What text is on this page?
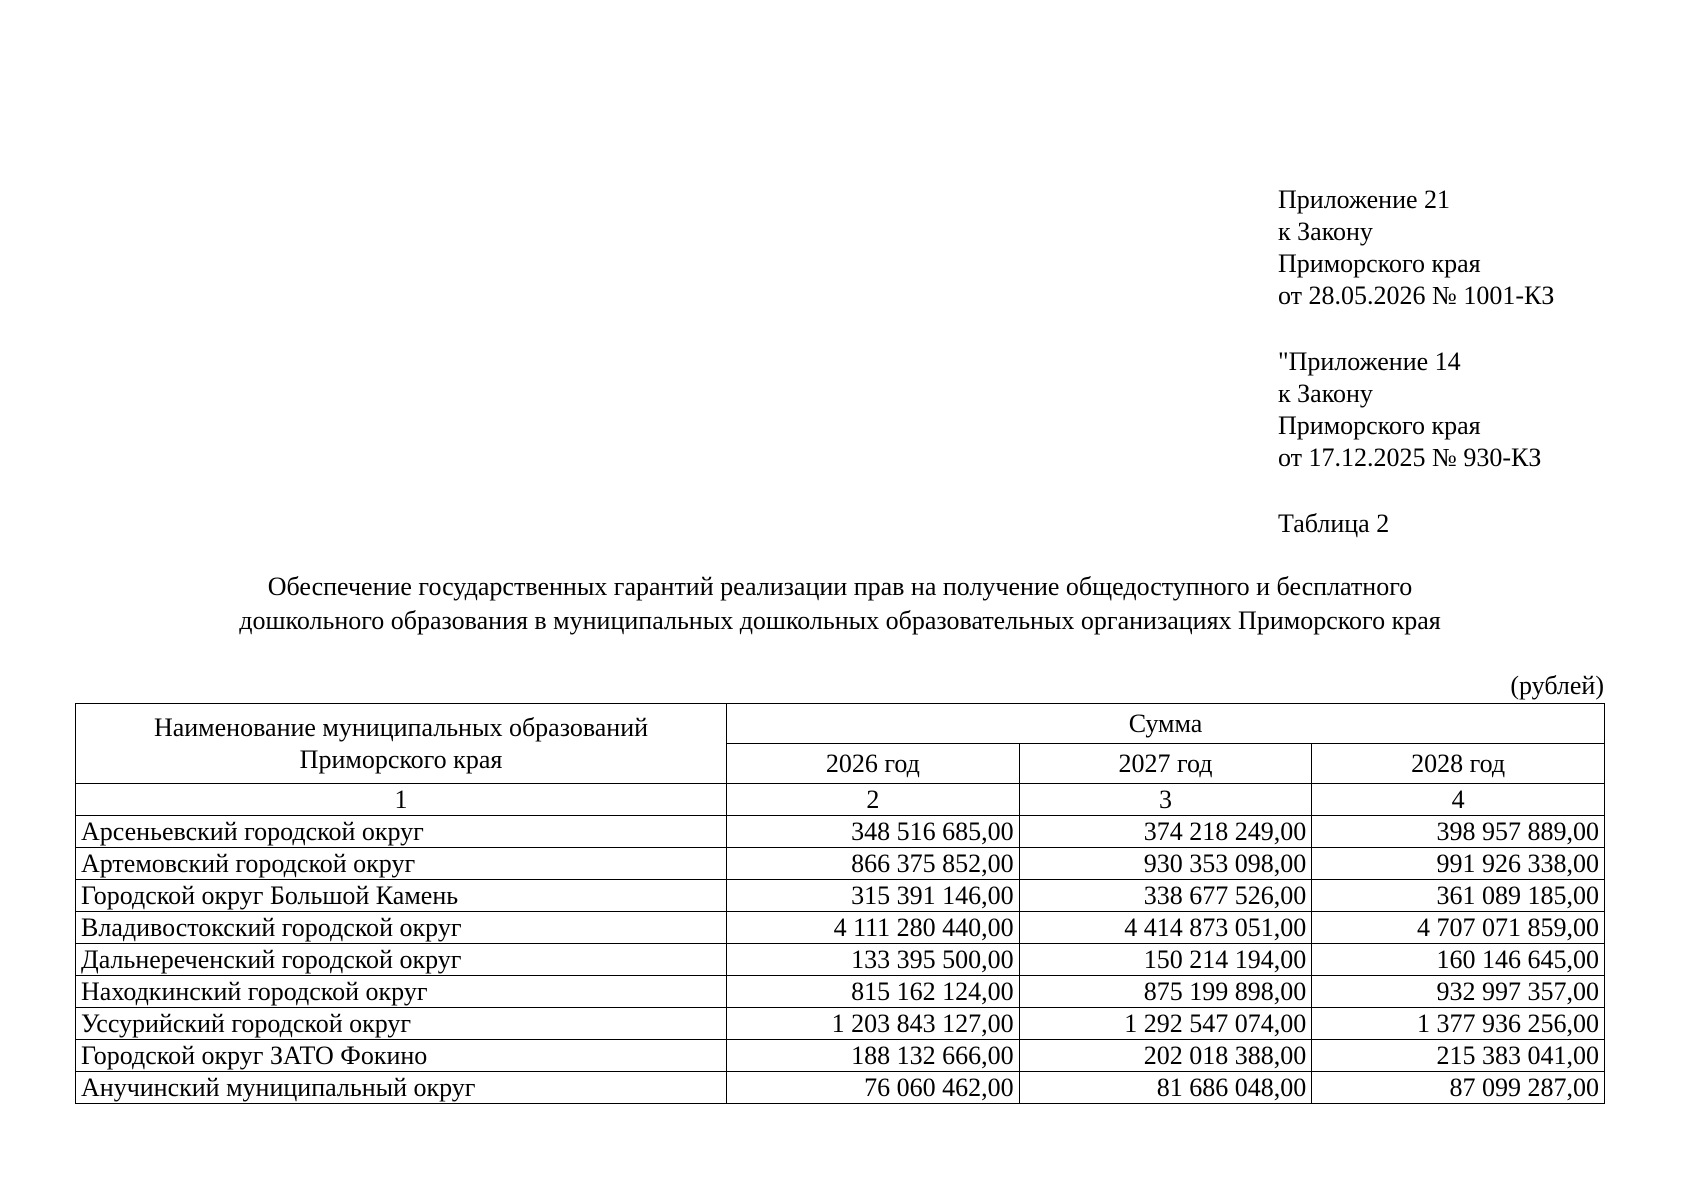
Приложение 21
к Закону
Приморского края
от 28.05.2026 № 1001-КЗ
"Приложение 14
к Закону
Приморского края
от 17.12.2025 № 930-КЗ
Таблица 2
Обеспечение государственных гарантий реализации прав на получение общедоступного и бесплатного
дошкольного образования в муниципальных дошкольных образовательных организациях Приморского края
(рублей)
Наименование муниципальных образований
Приморского края	Сумма		
	2026 год	2027 год	2028 год
1	2	3	4
Арсеньевский городской округ	348 516 685,00	374 218 249,00	398 957 889,00
Артемовский городской округ	866 375 852,00	930 353 098,00	991 926 338,00
Городской округ Большой Камень	315 391 146,00	338 677 526,00	361 089 185,00
Владивостокский городской округ	4 111 280 440,00	4 414 873 051,00	4 707 071 859,00
Дальнереченский городской округ	133 395 500,00	150 214 194,00	160 146 645,00
Находкинский городской округ	815 162 124,00	875 199 898,00	932 997 357,00
Уссурийский городской округ	1 203 843 127,00	1 292 547 074,00	1 377 936 256,00
Городской округ ЗАТО Фокино	188 132 666,00	202 018 388,00	215 383 041,00
Анучинский муниципальный округ	76 060 462,00	81 686 048,00	87 099 287,00
